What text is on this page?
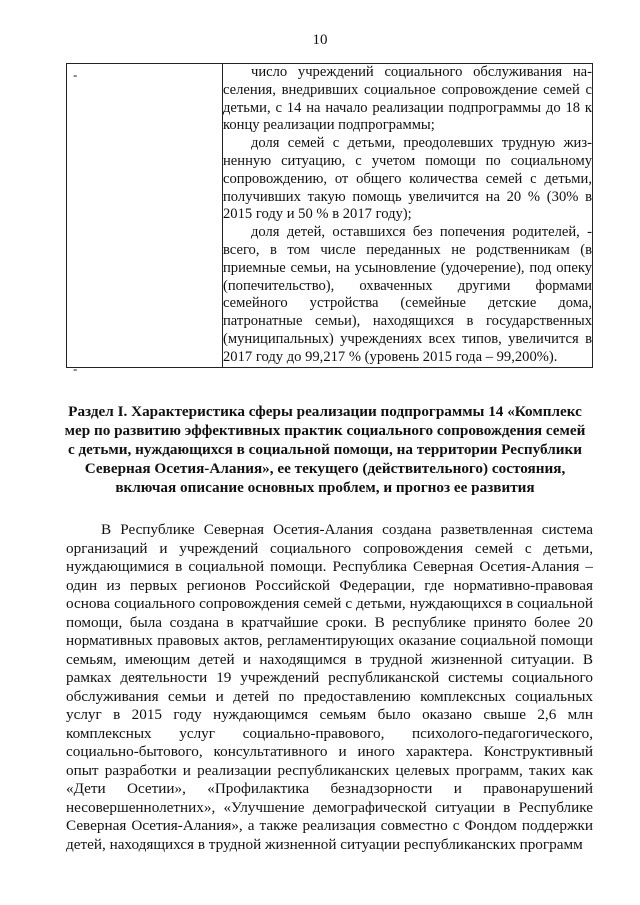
10
-
-

число учреждений социального обслуживания населения, внедривших социальное сопровождение семей с детьми, с 14 на начало реализации подпрограммы до 18 к концу реализации подпрограммы;

доля семей с детьми, преодолевших трудную жизненную ситуацию, с учетом помощи по социальному сопровождению, от общего количества семей с детьми, получивших такую помощь увеличится на 20 % (30% в 2015 году и 50 % в 2017 году);

доля детей, оставшихся без попечения родителей, - всего, в том числе переданных не родственникам (в приемные семьи, на усыновление (удочерение), под опеку (попечительство), охваченных другими формами семейного устройства (семейные детские дома, патронатные семьи), находящихся в государственных (муниципальных) учреждениях всех типов, увеличится в 2017 году до 99,217 % (уровень 2015 года – 99,200%).

Раздел I. Характеристика сферы реализации подпрограммы 14 «Комплекс мер по развитию эффективных практик социального сопровождения семей с детьми, нуждающихся в социальной помощи, на территории Республики Северная Осетия-Алания», ее текущего (действительного) состояния, включая описание основных проблем, и прогноз ее развития

В Республике Северная Осетия-Алания создана разветвленная система организаций и учреждений социального сопровождения семей с детьми, нуждающимися в социальной помощи. Республика Северная Осетия-Алания – один из первых регионов Российской Федерации, где нормативно-правовая основа социального сопровождения семей с детьми, нуждающихся в социальной помощи, была создана в кратчайшие сроки. В республике принято более 20 нормативных правовых актов, регламентирующих оказание социальной помощи семьям, имеющим детей и находящимся в трудной жизненной ситуации. В рамках деятельности 19 учреждений республиканской системы социального обслуживания семьи и детей по предоставлению комплексных социальных услуг в 2015 году нуждающимся семьям было оказано свыше 2,6 млн комплексных услуг социально-правового, психолого-педагогического, социально-бытового, консультативного и иного характера. Конструктивный опыт разработки и реализации республиканских целевых программ, таких как «Дети Осетии», «Профилактика безнадзорности и правонарушений несовершеннолетних», «Улучшение демографической ситуации в Республике Северная Осетия-Алания», а также реализация совместно с Фондом поддержки детей, находящихся в трудной жизненной ситуации республиканских программ
